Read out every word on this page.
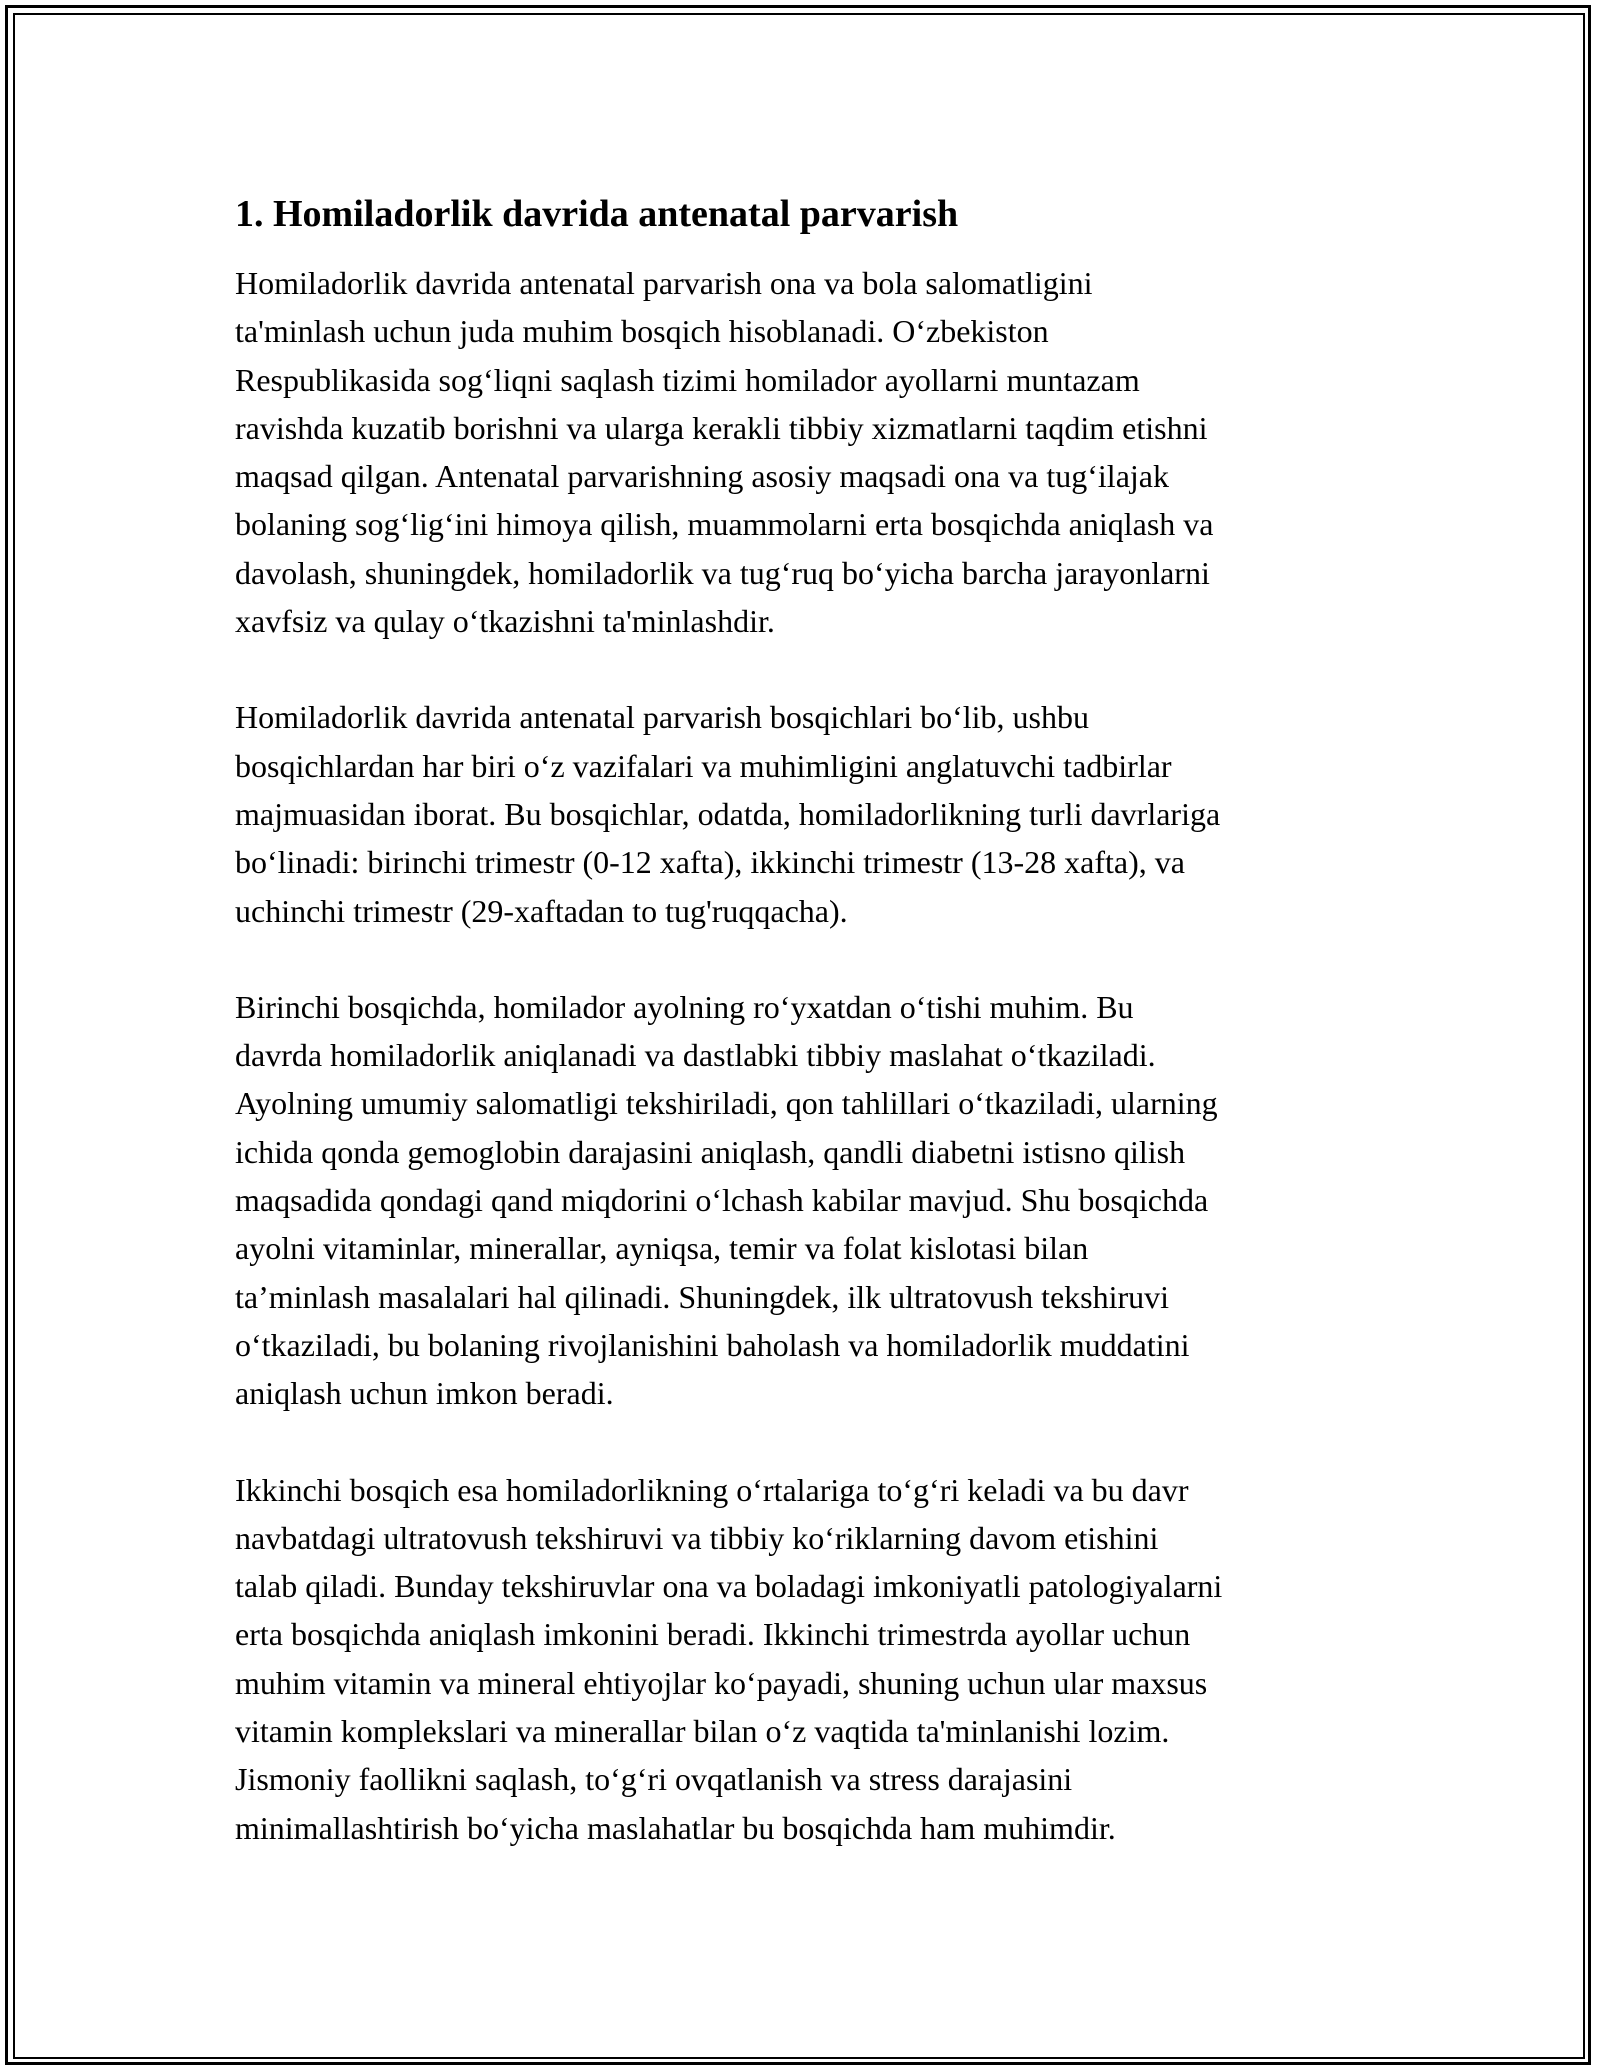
1. Homiladorlik davrida antenatal parvarish

Homiladorlik davrida antenatal parvarish ona va bola salomatligini
ta'minlash uchun juda muhim bosqich hisoblanadi. O‘zbekiston
Respublikasida sog‘liqni saqlash tizimi homilador ayollarni muntazam
ravishda kuzatib borishni va ularga kerakli tibbiy xizmatlarni taqdim etishni
maqsad qilgan. Antenatal parvarishning asosiy maqsadi ona va tug‘ilajak
bolaning sog‘lig‘ini himoya qilish, muammolarni erta bosqichda aniqlash va
davolash, shuningdek, homiladorlik va tug‘ruq bo‘yicha barcha jarayonlarni
xavfsiz va qulay o‘tkazishni ta'minlashdir.

Homiladorlik davrida antenatal parvarish bosqichlari bo‘lib, ushbu
bosqichlardan har biri o‘z vazifalari va muhimligini anglatuvchi tadbirlar
majmuasidan iborat. Bu bosqichlar, odatda, homiladorlikning turli davrlariga
bo‘linadi: birinchi trimestr (0-12 xafta), ikkinchi trimestr (13-28 xafta), va
uchinchi trimestr (29-xaftadan to tug'ruqqacha).

Birinchi bosqichda, homilador ayolning ro‘yxatdan o‘tishi muhim. Bu
davrda homiladorlik aniqlanadi va dastlabki tibbiy maslahat o‘tkaziladi.
Ayolning umumiy salomatligi tekshiriladi, qon tahlillari o‘tkaziladi, ularning
ichida qonda gemoglobin darajasini aniqlash, qandli diabetni istisno qilish
maqsadida qondagi qand miqdorini o‘lchash kabilar mavjud. Shu bosqichda
ayolni vitaminlar, minerallar, ayniqsa, temir va folat kislotasi bilan
ta’minlash masalalari hal qilinadi. Shuningdek, ilk ultratovush tekshiruvi
o‘tkaziladi, bu bolaning rivojlanishini baholash va homiladorlik muddatini
aniqlash uchun imkon beradi.

Ikkinchi bosqich esa homiladorlikning o‘rtalariga to‘g‘ri keladi va bu davr
navbatdagi ultratovush tekshiruvi va tibbiy ko‘riklarning davom etishini
talab qiladi. Bunday tekshiruvlar ona va boladagi imkoniyatli patologiyalarni
erta bosqichda aniqlash imkonini beradi. Ikkinchi trimestrda ayollar uchun
muhim vitamin va mineral ehtiyojlar ko‘payadi, shuning uchun ular maxsus
vitamin komplekslari va minerallar bilan o‘z vaqtida ta'minlanishi lozim.
Jismoniy faollikni saqlash, to‘g‘ri ovqatlanish va stress darajasini
minimallashtirish bo‘yicha maslahatlar bu bosqichda ham muhimdir.
